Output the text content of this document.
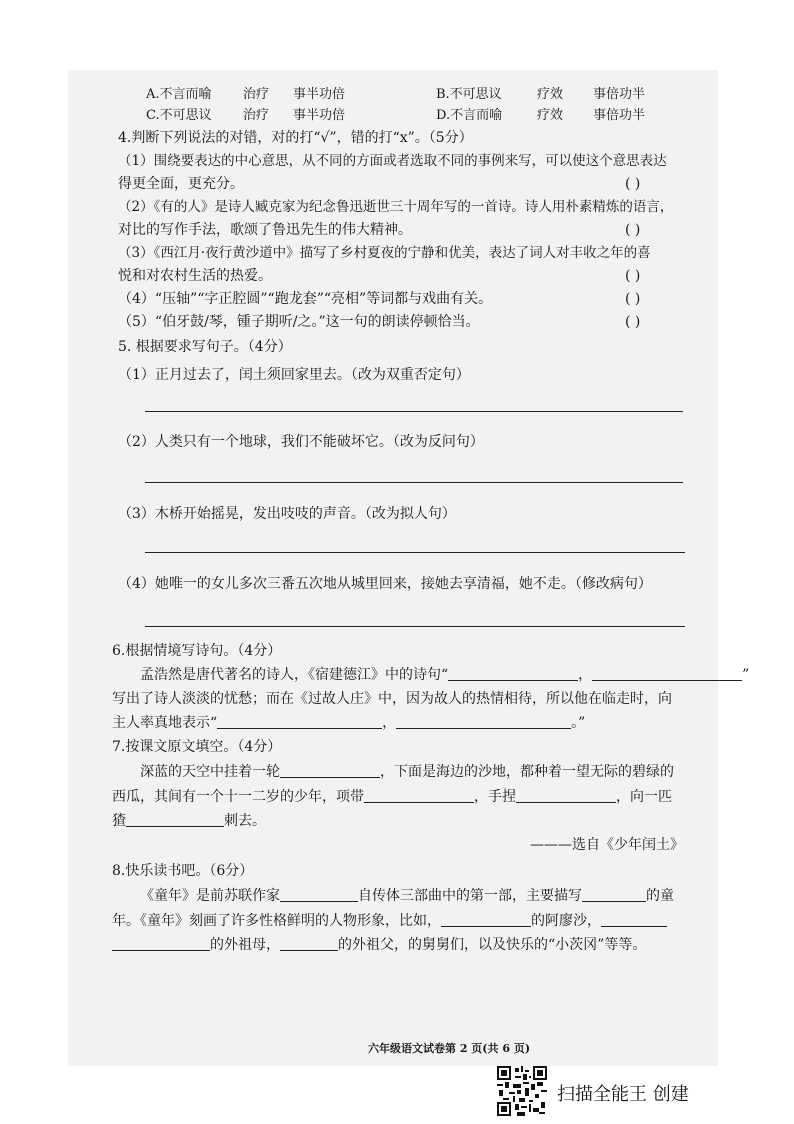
A.不言而喻 治疗 事半功倍	B.不可思议	疗效 事倍功半
C.不可思议 治疗 事半功倍	D.不言而喻	疗效 事倍功半
4.判断下列说法的对错，对的打“√”，错的打“x”。（5分）
（1）围绕要表达的中心意思，从不同的方面或者选取不同的事例来写，可以使这个意思表达
得更全面，更充分。	( )
（2）《有的人》是诗人臧克家为纪念鲁迅逝世三十周年写的一首诗。诗人用朴素精炼的语言，
对比的写作手法，歌颂了鲁迅先生的伟大精神。	( )
（3）《西江月·夜行黄沙道中》描写了乡村夏夜的宁静和优美，表达了词人对丰收之年的喜
悦和对农村生活的热爱。	( )
（4）“压轴”“字正腔圆”“跑龙套”“亮相”等词都与戏曲有关。	( )
（5）“伯牙鼓/琴，锺子期听/之。”这一句的朗读停顿恰当。	( )
5. 根据要求写句子。（4分）
（1）正月过去了，闰土须回家里去。（改为双重否定句）
（2）人类只有一个地球，我们不能破坏它。（改为反问句）
（3）木桥开始摇晃，发出吱吱的声音。（改为拟人句）
（4）她唯一的女儿多次三番五次地从城里回来，接她去享清福，她不走。（修改病句）
6.根据情境写诗句。（4分）
孟浩然是唐代著名的诗人，《宿建德江》中的诗句“	，	”
写出了诗人淡淡的忧愁；而在《过故人庄》中，因为故人的热情相待，所以他在临走时，向
主人率真地表示“	，	。”
7.按课文原文填空。（4分）
深蓝的天空中挂着一轮	，下面是海边的沙地，都种着一望无际的碧绿的
西瓜，其间有一个十一二岁的少年，项带	，手捏	，向一匹
猹	刺去。
———选自《少年闰土》
8.快乐读书吧。（6分）
《童年》是前苏联作家	自传体三部曲中的第一部，主要描写	的童
年。《童年》刻画了许多性格鲜明的人物形象，比如，	的阿廖沙，
的外祖母，	的外祖父，的舅舅们，以及快乐的“小茨冈”等等。
六年级语文试卷第 2 页(共 6 页)
扫描全能王 创建
